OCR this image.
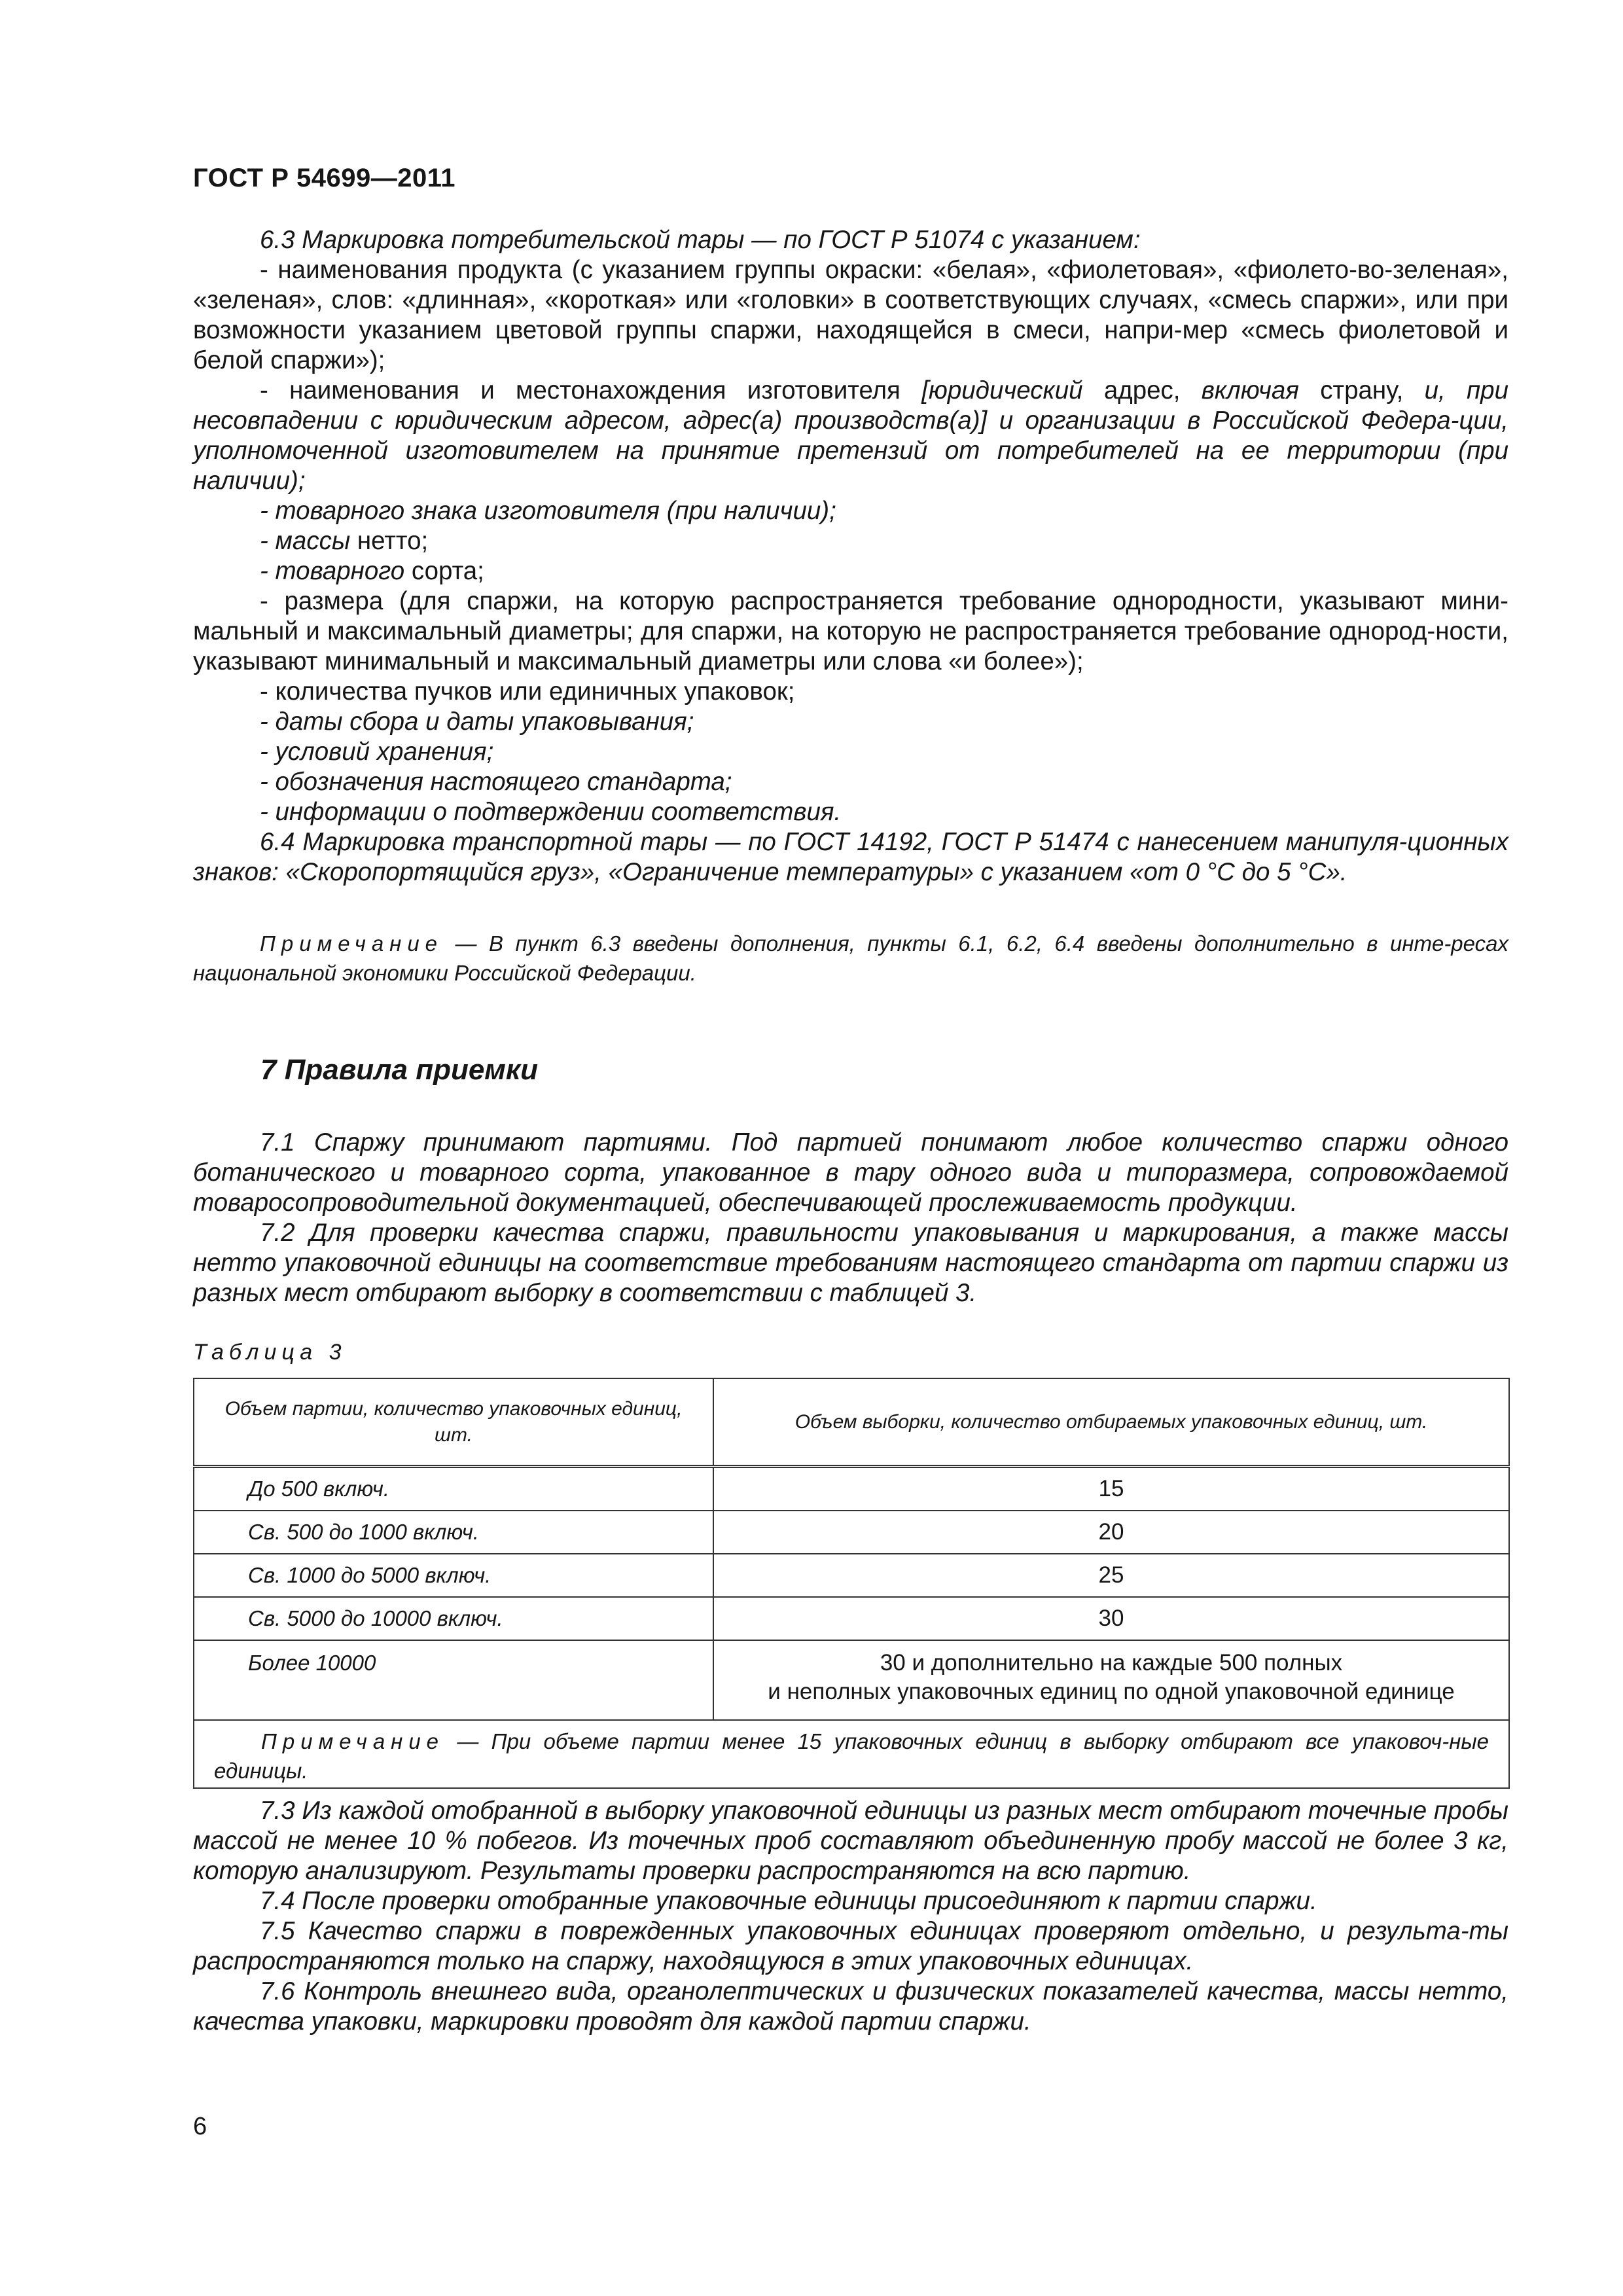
ГОСТ Р 54699—2011

6.3 Маркировка потребительской тары — по ГОСТ Р 51074 с указанием:

- наименования продукта (с указанием группы окраски: «белая», «фиолетовая», «фиолето-во-зеленая», «зеленая», слов: «длинная», «короткая» или «головки» в соответствующих случаях, «смесь спаржи», или при возможности указанием цветовой группы спаржи, находящейся в смеси, напри-мер «смесь фиолетовой и белой спаржи»);

- наименования и местонахождения изготовителя [юридический адрес, включая страну, и, при несовпадении с юридическим адресом, адрес(а) производств(а)] и организации в Российской Федера-ции, уполномоченной изготовителем на принятие претензий от потребителей на ее территории (при наличии);

- товарного знака изготовителя (при наличии);

- массы нетто;

- товарного сорта;

- размера (для спаржи, на которую распространяется требование однородности, указывают мини-мальный и максимальный диаметры; для спаржи, на которую не распространяется требование однород-ности, указывают минимальный и максимальный диаметры или слова «и более»);

- количества пучков или единичных упаковок;

- даты сбора и даты упаковывания;

- условий хранения;

- обозначения настоящего стандарта;

- информации о подтверждении соответствия.

6.4 Маркировка транспортной тары — по ГОСТ 14192, ГОСТ Р 51474 с нанесением манипуля-ционных знаков: «Скоропортящийся груз», «Ограничение температуры» с указанием «от 0 °С до 5 °С».

Примечание — В пункт 6.3 введены дополнения, пункты 6.1, 6.2, 6.4 введены дополнительно в инте-ресах национальной экономики Российской Федерации.

7 Правила приемки

7.1 Спаржу принимают партиями. Под партией понимают любое количество спаржи одного ботанического и товарного сорта, упакованное в тару одного вида и типоразмера, сопровождаемой товаросопроводительной документацией, обеспечивающей прослеживаемость продукции.

7.2 Для проверки качества спаржи, правильности упаковывания и маркирования, а также массы нетто упаковочной единицы на соответствие требованиям настоящего стандарта от партии спаржи из разных мест отбирают выборку в соответствии с таблицей 3.

Таблица 3
Объем партии, количество упаковочных единиц, шт.	Объем выборки, количество отбираемых упаковочных единиц, шт.
До 500 включ.	15
Св. 500 до 1000 включ.	20
Св. 1000 до 5000 включ.	25
Св. 5000 до 10000 включ.	30
Более 10000	30 и дополнительно на каждые 500 полных
и неполных упаковочных единиц по одной упаковочной единице

Примечание — При объеме партии менее 15 упаковочных единиц в выборку отбирают все упаковоч-ные единицы.	

7.3 Из каждой отобранной в выборку упаковочной единицы из разных мест отбирают точечные пробы массой не менее 10 % побегов. Из точечных проб составляют объединенную пробу массой не более 3 кг, которую анализируют. Результаты проверки распространяются на всю партию.

7.4 После проверки отобранные упаковочные единицы присоединяют к партии спаржи.

7.5 Качество спаржи в поврежденных упаковочных единицах проверяют отдельно, и результа-ты распространяются только на спаржу, находящуюся в этих упаковочных единицах.

7.6 Контроль внешнего вида, органолептических и физических показателей качества, массы нетто, качества упаковки, маркировки проводят для каждой партии спаржи.

6
